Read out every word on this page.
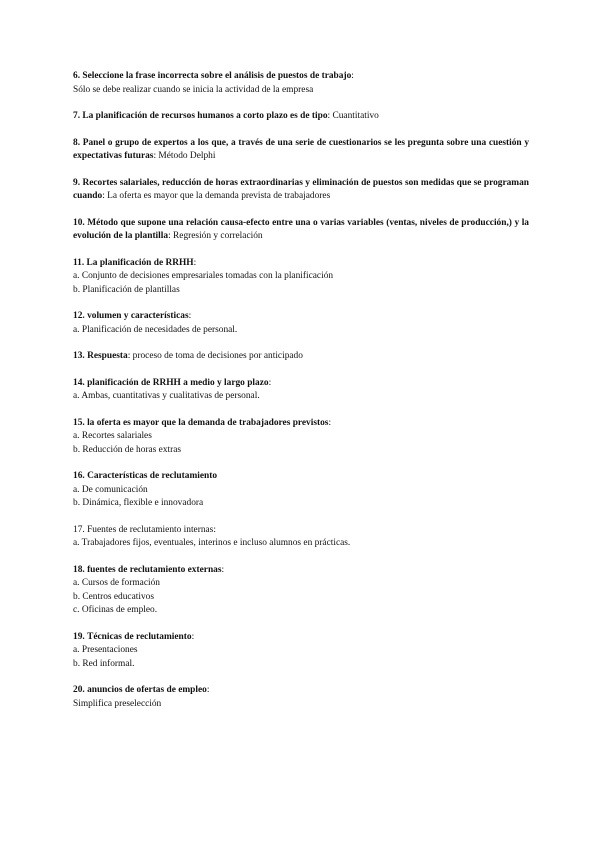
6. Seleccione la frase incorrecta sobre el análisis de puestos de trabajo:

Sólo se debe realizar cuando se inicia la actividad de la empresa

7. La planificación de recursos humanos a corto plazo es de tipo: Cuantitativo

8. Panel o grupo de expertos a los que, a través de una serie de cuestionarios se les pregunta sobre una cuestión y expectativas futuras: Método Delphi

9. Recortes salariales, reducción de horas extraordinarias y eliminación de puestos son medidas que se programan cuando: La oferta es mayor que la demanda prevista de trabajadores

10. Método que supone una relación causa-efecto entre una o varias variables (ventas, niveles de producción,) y la evolución de la plantilla: Regresión y correlación

11. La planificación de RRHH:

a. Conjunto de decisiones empresariales tomadas con la planificación
b. Planificación de plantillas

12. volumen y características:

a. Planificación de necesidades de personal.

13. Respuesta: proceso de toma de decisiones por anticipado

14. planificación de RRHH a medio y largo plazo:

a. Ambas, cuantitativas y cualitativas de personal.

15. la oferta es mayor que la demanda de trabajadores previstos:

a. Recortes salariales
b. Reducción de horas extras

16. Características de reclutamiento

a. De comunicación
b. Dinámica, flexible e innovadora

17. Fuentes de reclutamiento internas:

a. Trabajadores fijos, eventuales, interinos e incluso alumnos en prácticas.

18. fuentes de reclutamiento externas:

a. Cursos de formación
b. Centros educativos
c. Oficinas de empleo.

19. Técnicas de reclutamiento:

a. Presentaciones
b. Red informal.

20. anuncios de ofertas de empleo:

Simplifica preselección
